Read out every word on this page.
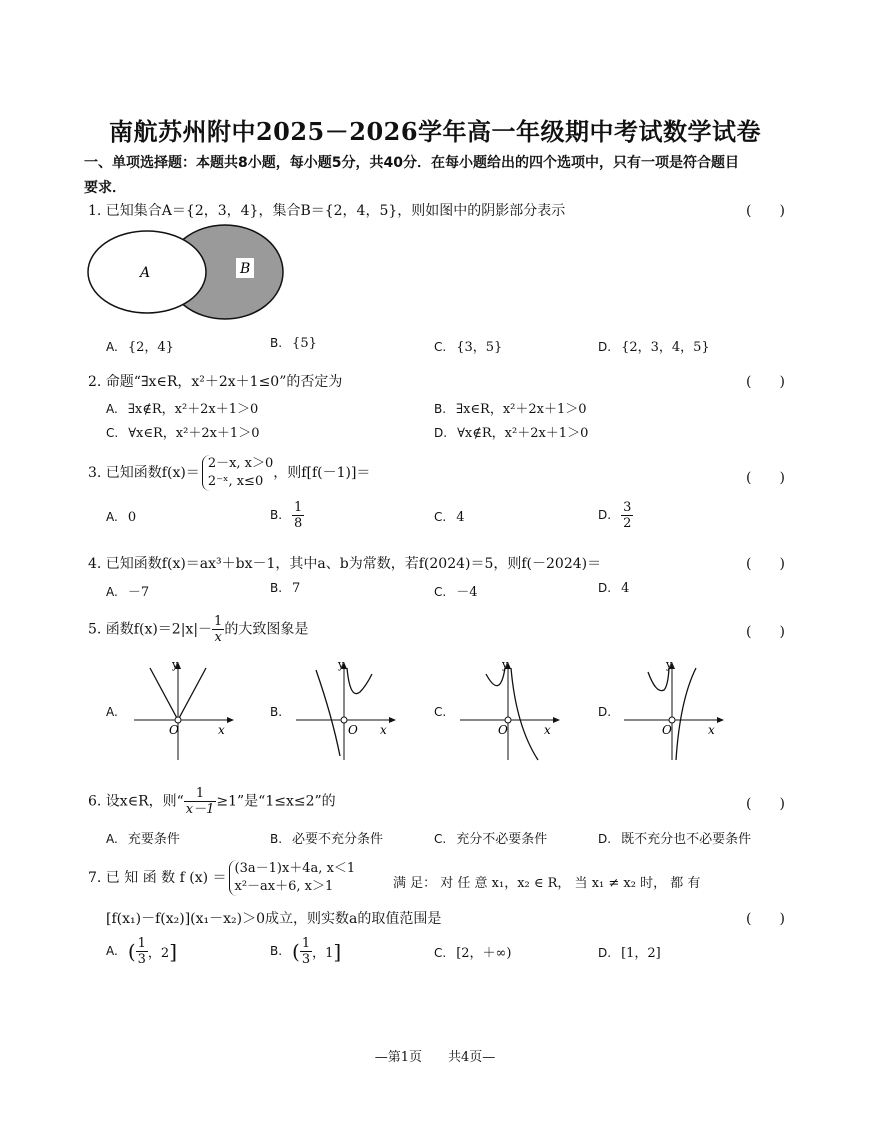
南航苏州附中2025－2026学年高一年级期中考试数学试卷
一、单项选择题：本题共8小题，每小题5分，共40分．在每小题给出的四个选项中，只有一项是符合题目
要求．
1. 已知集合A＝{2，3，4}，集合B＝{2，4，5}，则如图中的阴影部分表示	(　　)
A	B
A. {2，4}	B. {5}	C. {3，5}	D. {2，3，4，5}
2. 命题“∃x∈R，x²＋2x＋1≤0”的否定为	(　　)
A. ∃x∉R，x²＋2x＋1＞0	B. ∃x∈R，x²＋2x＋1＞0
C. ∀x∈R，x²＋2x＋1＞0	D. ∀x∉R，x²＋2x＋1＞0
3. 已知函数f(x)＝
2－x, x＞0
2⁻ˣ, x≤0
，则f[f(－1)]＝	(　　)
A. 0	B. $\frac{1}{8}$	C. 4	D. $\frac{3}{2}$
4. 已知函数f(x)＝ax³＋bx－1，其中a、b为常数，若f(2024)＝5，则f(－2024)＝	(　　)
A. －7	B. 7	C. －4	D. 4
5. 函数$f(x)=2|x|- \frac{1}{x}$ 的大致图象是	(　　)
A.	B.	C.	D.
y
O	x
y
O x
y
O	x
y
O	x
6. 设x∈R，则“ $\frac{1}{x-1} \ge 1$”是“1≤x≤2”的	(　　)
A. 充要条件	B. 必要不充分条件	C. 充分不必要条件	D. 既不充分也不必要条件
7. 已 知 函 数 f (x) ＝
(3a－1)x＋4a, x＜1
x²－ax＋6, x＞1	满 足： 对 任 意 x₁，x₂ ∈ R， 当 x₁ ≠ x₂ 时， 都 有
[f(x₁)－f(x₂)](x₁－x₂)＞0成立，则实数a的取值范围是	(　　)
A. ( $\frac{1}{3}$ ，2]	B. ( $\frac{1}{3}$ ，1]	C. [2，＋∞)	D. [1，2]
—第1页　　共4页—
